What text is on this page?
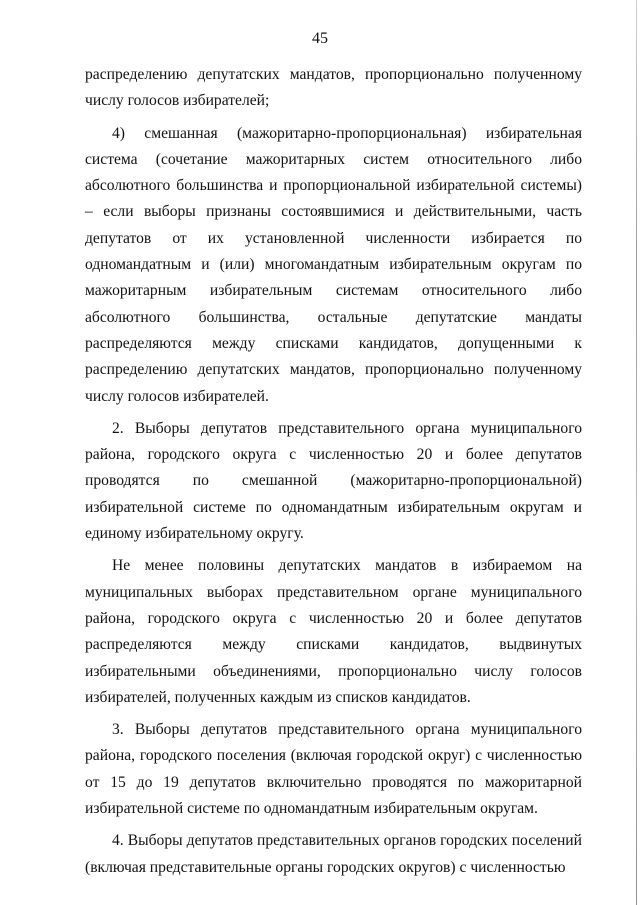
45

распределению депутатских мандатов, пропорционально полученному числу голосов избирателей;

4) смешанная (мажоритарно-пропорциональная) избирательная система (сочетание мажоритарных систем относительного либо абсолютного большинства и пропорциональной избирательной системы) – если выборы признаны состоявшимися и действительными, часть депутатов от их установленной численности избирается по одномандатным и (или) многомандатным избирательным округам по мажоритарным избирательным системам относительного либо абсолютного большинства, остальные депутатские мандаты распределяются между списками кандидатов, допущенными к распределению депутатских мандатов, пропорционально полученному числу голосов избирателей.

2. Выборы депутатов представительного органа муниципального района, городского округа с численностью 20 и более депутатов проводятся по смешанной (мажоритарно-пропорциональной) избирательной системе по одномандатным избирательным округам и единому избирательному округу.

Не менее половины депутатских мандатов в избираемом на муниципальных выборах представительном органе муниципального района, городского округа с численностью 20 и более депутатов распределяются между списками кандидатов, выдвинутых избирательными объединениями, пропорционально числу голосов избирателей, полученных каждым из списков кандидатов.

3. Выборы депутатов представительного органа муниципального района, городского поселения (включая городской округ) с численностью от 15 до 19 депутатов включительно проводятся по мажоритарной избирательной системе по одномандатным избирательным округам.

4. Выборы депутатов представительных органов городских поселений (включая представительные органы городских округов) с численностью
